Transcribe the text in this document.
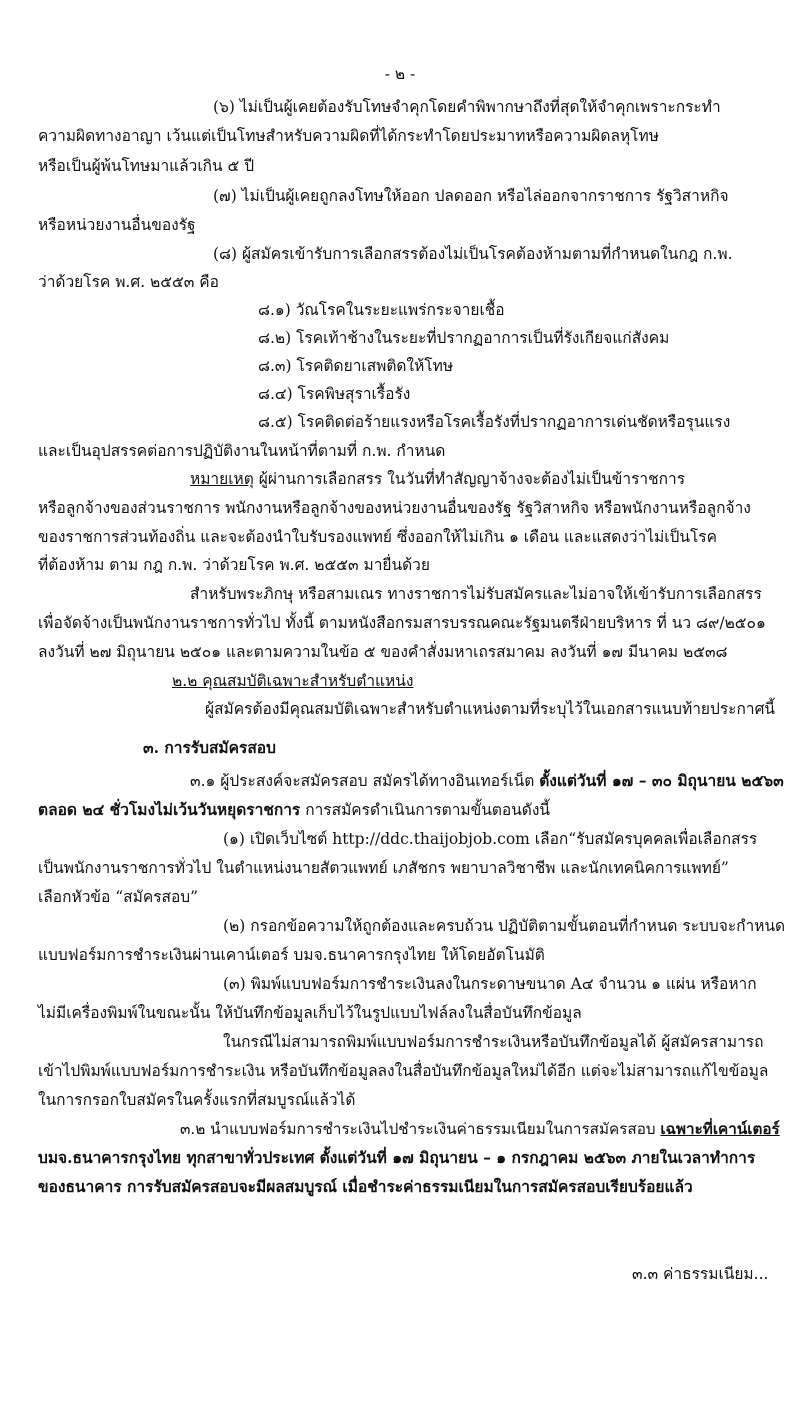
- ๒ -
(๖) ไม่เป็นผู้เคยต้องรับโทษจำคุกโดยคำพิพากษาถึงที่สุดให้จำคุกเพราะกระทำ
ความผิดทางอาญา เว้นแต่เป็นโทษสำหรับความผิดที่ได้กระทำโดยประมาทหรือความผิดลหุโทษ
หรือเป็นผู้พ้นโทษมาแล้วเกิน ๕ ปี
(๗) ไม่เป็นผู้เคยถูกลงโทษให้ออก ปลดออก หรือไล่ออกจากราชการ รัฐวิสาหกิจ
หรือหน่วยงานอื่นของรัฐ
(๘) ผู้สมัครเข้ารับการเลือกสรรต้องไม่เป็นโรคต้องห้ามตามที่กำหนดในกฎ ก.พ.
ว่าด้วยโรค พ.ศ. ๒๕๕๓ คือ
๘.๑) วัณโรคในระยะแพร่กระจายเชื้อ
๘.๒) โรคเท้าช้างในระยะที่ปรากฏอาการเป็นที่รังเกียจแก่สังคม
๘.๓) โรคติดยาเสพติดให้โทษ
๘.๔) โรคพิษสุราเรื้อรัง
๘.๕) โรคติดต่อร้ายแรงหรือโรคเรื้อรังที่ปรากฏอาการเด่นชัดหรือรุนแรง
และเป็นอุปสรรคต่อการปฏิบัติงานในหน้าที่ตามที่ ก.พ. กำหนด
หมายเหตุ ผู้ผ่านการเลือกสรร ในวันที่ทำสัญญาจ้างจะต้องไม่เป็นข้าราชการ
หรือลูกจ้างของส่วนราชการ พนักงานหรือลูกจ้างของหน่วยงานอื่นของรัฐ รัฐวิสาหกิจ หรือพนักงานหรือลูกจ้าง
ของราชการส่วนท้องถิ่น และจะต้องนำใบรับรองแพทย์ ซึ่งออกให้ไม่เกิน ๑ เดือน และแสดงว่าไม่เป็นโรค
ที่ต้องห้าม ตาม กฎ ก.พ. ว่าด้วยโรค พ.ศ. ๒๕๕๓ มายื่นด้วย
สำหรับพระภิกษุ หรือสามเณร ทางราชการไม่รับสมัครและไม่อาจให้เข้ารับการเลือกสรร
เพื่อจัดจ้างเป็นพนักงานราชการทั่วไป ทั้งนี้ ตามหนังสือกรมสารบรรณคณะรัฐมนตรีฝ่ายบริหาร ที่ นว ๘๙/๒๕๐๑
ลงวันที่ ๒๗ มิถุนายน ๒๕๐๑ และตามความในข้อ ๕ ของคำสั่งมหาเถรสมาคม ลงวันที่ ๑๗ มีนาคม ๒๕๓๘
๒.๒ คุณสมบัติเฉพาะสำหรับตำแหน่ง
ผู้สมัครต้องมีคุณสมบัติเฉพาะสำหรับตำแหน่งตามที่ระบุไว้ในเอกสารแนบท้ายประกาศนี้
๓. การรับสมัครสอบ
๓.๑ ผู้ประสงค์จะสมัครสอบ สมัครได้ทางอินเทอร์เน็ต ตั้งแต่วันที่ ๑๗ – ๓๐ มิถุนายน ๒๕๖๓
ตลอด ๒๔ ชั่วโมงไม่เว้นวันหยุดราชการ การสมัครดำเนินการตามขั้นตอนดังนี้
(๑) เปิดเว็บไซต์ http://ddc.thaijobjob.com เลือก“รับสมัครบุคคลเพื่อเลือกสรร
เป็นพนักงานราชการทั่วไป ในตำแหน่งนายสัตวแพทย์ เภสัชกร พยาบาลวิชาชีพ และนักเทคนิคการแพทย์”
เลือกหัวข้อ “สมัครสอบ”
(๒) กรอกข้อความให้ถูกต้องและครบถ้วน ปฏิบัติตามขั้นตอนที่กำหนด ระบบจะกำหนด
แบบฟอร์มการชำระเงินผ่านเคาน์เตอร์ บมจ.ธนาคารกรุงไทย ให้โดยอัตโนมัติ
(๓) พิมพ์แบบฟอร์มการชำระเงินลงในกระดาษขนาด A๔ จำนวน ๑ แผ่น หรือหาก
ไม่มีเครื่องพิมพ์ในขณะนั้น ให้บันทึกข้อมูลเก็บไว้ในรูปแบบไฟล์ลงในสื่อบันทึกข้อมูล
ในกรณีไม่สามารถพิมพ์แบบฟอร์มการชำระเงินหรือบันทึกข้อมูลได้ ผู้สมัครสามารถ
เข้าไปพิมพ์แบบฟอร์มการชำระเงิน หรือบันทึกข้อมูลลงในสื่อบันทึกข้อมูลใหม่ได้อีก แต่จะไม่สามารถแก้ไขข้อมูล
ในการกรอกใบสมัครในครั้งแรกที่สมบูรณ์แล้วได้
๓.๒ นำแบบฟอร์มการชำระเงินไปชำระเงินค่าธรรมเนียมในการสมัครสอบ เฉพาะที่เคาน์เตอร์
บมจ.ธนาคารกรุงไทย ทุกสาขาทั่วประเทศ ตั้งแต่วันที่ ๑๗ มิถุนายน – ๑ กรกฎาคม ๒๕๖๓ ภายในเวลาทำการ
ของธนาคาร การรับสมัครสอบจะมีผลสมบูรณ์ เมื่อชำระค่าธรรมเนียมในการสมัครสอบเรียบร้อยแล้ว
๓.๓ ค่าธรรมเนียม...
